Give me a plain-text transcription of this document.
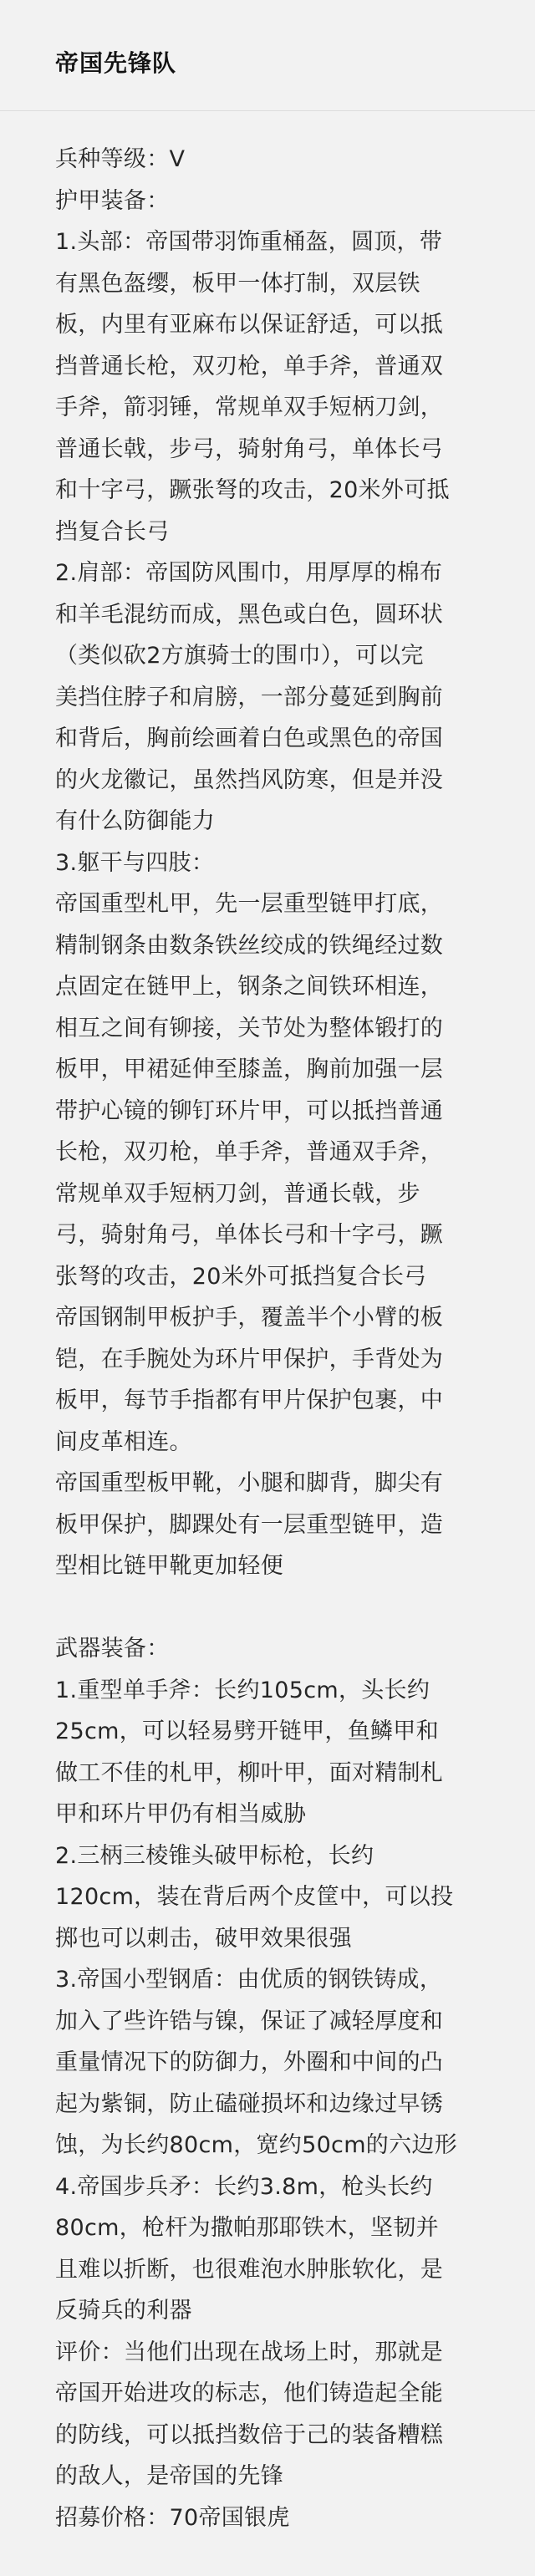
帝国先锋队
兵种等级：V
护甲装备：
1.头部：帝国带羽饰重桶盔，圆顶，带
有黑色盔缨，板甲一体打制，双层铁
板，内里有亚麻布以保证舒适，可以抵
挡普通长枪，双刃枪，单手斧，普通双
手斧，箭羽锤，常规单双手短柄刀剑，
普通长戟，步弓，骑射角弓，单体长弓
和十字弓，蹶张弩的攻击，20米外可抵
挡复合长弓
2.肩部：帝国防风围巾，用厚厚的棉布
和羊毛混纺而成，黑色或白色，圆环状
（类似砍2方旗骑士的围巾），可以完
美挡住脖子和肩膀，一部分蔓延到胸前
和背后，胸前绘画着白色或黑色的帝国
的火龙徽记，虽然挡风防寒，但是并没
有什么防御能力
3.躯干与四肢：
帝国重型札甲，先一层重型链甲打底，
精制钢条由数条铁丝绞成的铁绳经过数
点固定在链甲上，钢条之间铁环相连，
相互之间有铆接，关节处为整体锻打的
板甲，甲裙延伸至膝盖，胸前加强一层
带护心镜的铆钉环片甲，可以抵挡普通
长枪，双刃枪，单手斧，普通双手斧，
常规单双手短柄刀剑，普通长戟，步
弓，骑射角弓，单体长弓和十字弓，蹶
张弩的攻击，20米外可抵挡复合长弓
帝国钢制甲板护手，覆盖半个小臂的板
铠，在手腕处为环片甲保护，手背处为
板甲，每节手指都有甲片保护包裹，中
间皮革相连。
帝国重型板甲靴，小腿和脚背，脚尖有
板甲保护，脚踝处有一层重型链甲，造
型相比链甲靴更加轻便
武器装备：
1.重型单手斧：长约105cm，头长约
25cm，可以轻易劈开链甲，鱼鳞甲和
做工不佳的札甲，柳叶甲，面对精制札
甲和环片甲仍有相当威胁
2.三柄三棱锥头破甲标枪，长约
120cm，装在背后两个皮筐中，可以投
掷也可以刺击，破甲效果很强
3.帝国小型钢盾：由优质的钢铁铸成，
加入了些许锆与镍，保证了减轻厚度和
重量情况下的防御力，外圈和中间的凸
起为紫铜，防止磕碰损坏和边缘过早锈
蚀，为长约80cm，宽约50cm的六边形
4.帝国步兵矛：长约3.8m，枪头长约
80cm，枪杆为撒帕那耶铁木，坚韧并
且难以折断，也很难泡水肿胀软化，是
反骑兵的利器
评价：当他们出现在战场上时，那就是
帝国开始进攻的标志，他们铸造起全能
的防线，可以抵挡数倍于己的装备糟糕
的敌人，是帝国的先锋
招募价格：70帝国银虎
